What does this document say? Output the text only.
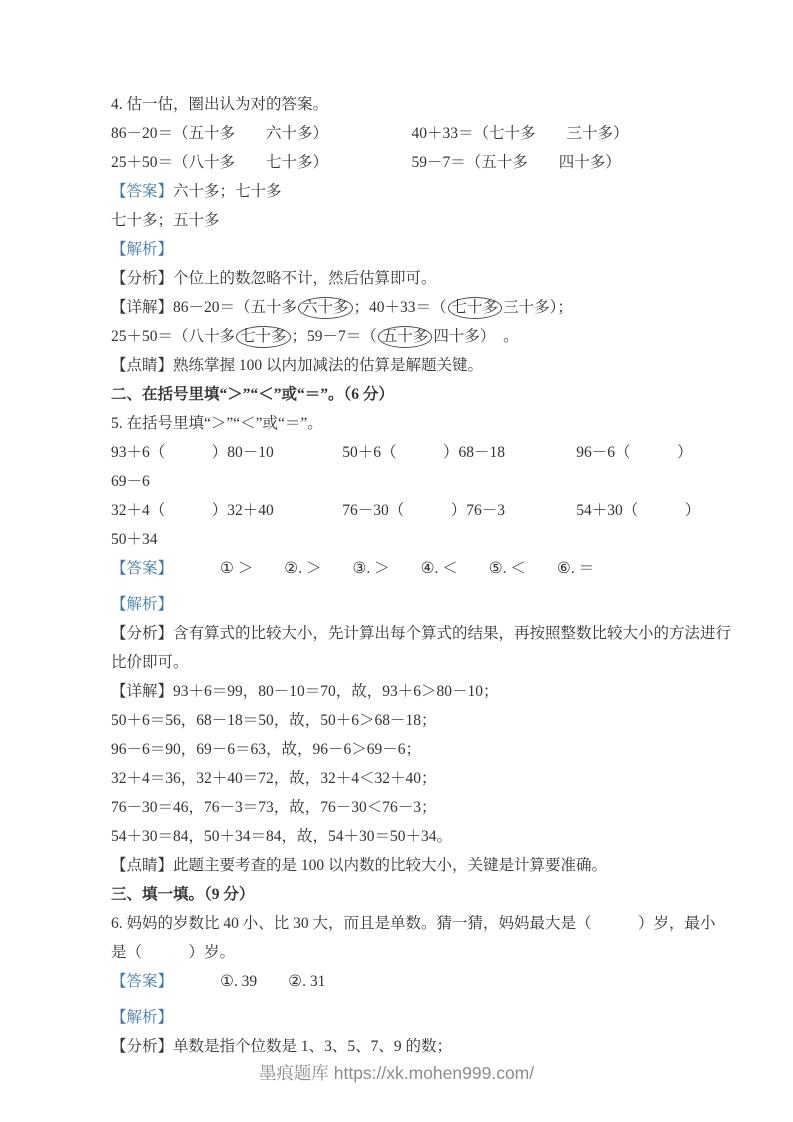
4. 估一估，圈出认为对的答案。

86－20＝（五十多　　六十多）	40＋33＝（七十多　　三十多）
25＋50＝（八十多　　七十多）	59－7＝（五十多　　四十多）

【答案】六十多；七十多

七十多；五十多

【解析】

【分析】个位上的数忽略不计，然后估算即可。

【详解】86－20＝（五十多 六十多 ；40＋33＝（ 七十多 三十多）；

25＋50＝（八十多 七十多 ；59－7＝（ 五十多 四十多）　。

【点睛】熟练掌握 100 以内加减法的估算是解题关键。

二、在括号里填“＞”“＜”或“＝”。（6 分）

5. 在括号里填“＞”“＜”或“＝”。

93＋6（　　　）80－10	50＋6（　　　）68－18	96－6（　　　）

69－6

32＋4（　　　）32＋40	76－30（　　　）76－3	54＋30（　　　）

50＋34

【答案】	① ＞ ②. ＞ ③. ＞ ④. ＜ ⑤. ＜ ⑥. ＝

【解析】

【分析】含有算式的比较大小，先计算出每个算式的结果，再按照整数比较大小的方法进行

比价即可。

【详解】93＋6＝99，80－10＝70，故，93＋6＞80－10；

50＋6＝56，68－18＝50，故，50＋6＞68－18；

96－6＝90，69－6＝63，故，96－6＞69－6；

32＋4＝36，32＋40＝72，故，32＋4＜32＋40；

76－30＝46，76－3＝73，故，76－30＜76－3；

54＋30＝84，50＋34＝84，故，54＋30＝50＋34。

【点睛】此题主要考查的是 100 以内数的比较大小，关键是计算要准确。

三、填一填。（9 分）

6. 妈妈的岁数比 40 小、比 30 大，而且是单数。猜一猜，妈妈最大是（　　　）岁，最小

是（　　　）岁。

【答案】	①. 39 ②. 31

【解析】

【分析】单数是指个位数是 1、3、5、7、9 的数；

墨痕题库 https://xk.mohen999.com/
